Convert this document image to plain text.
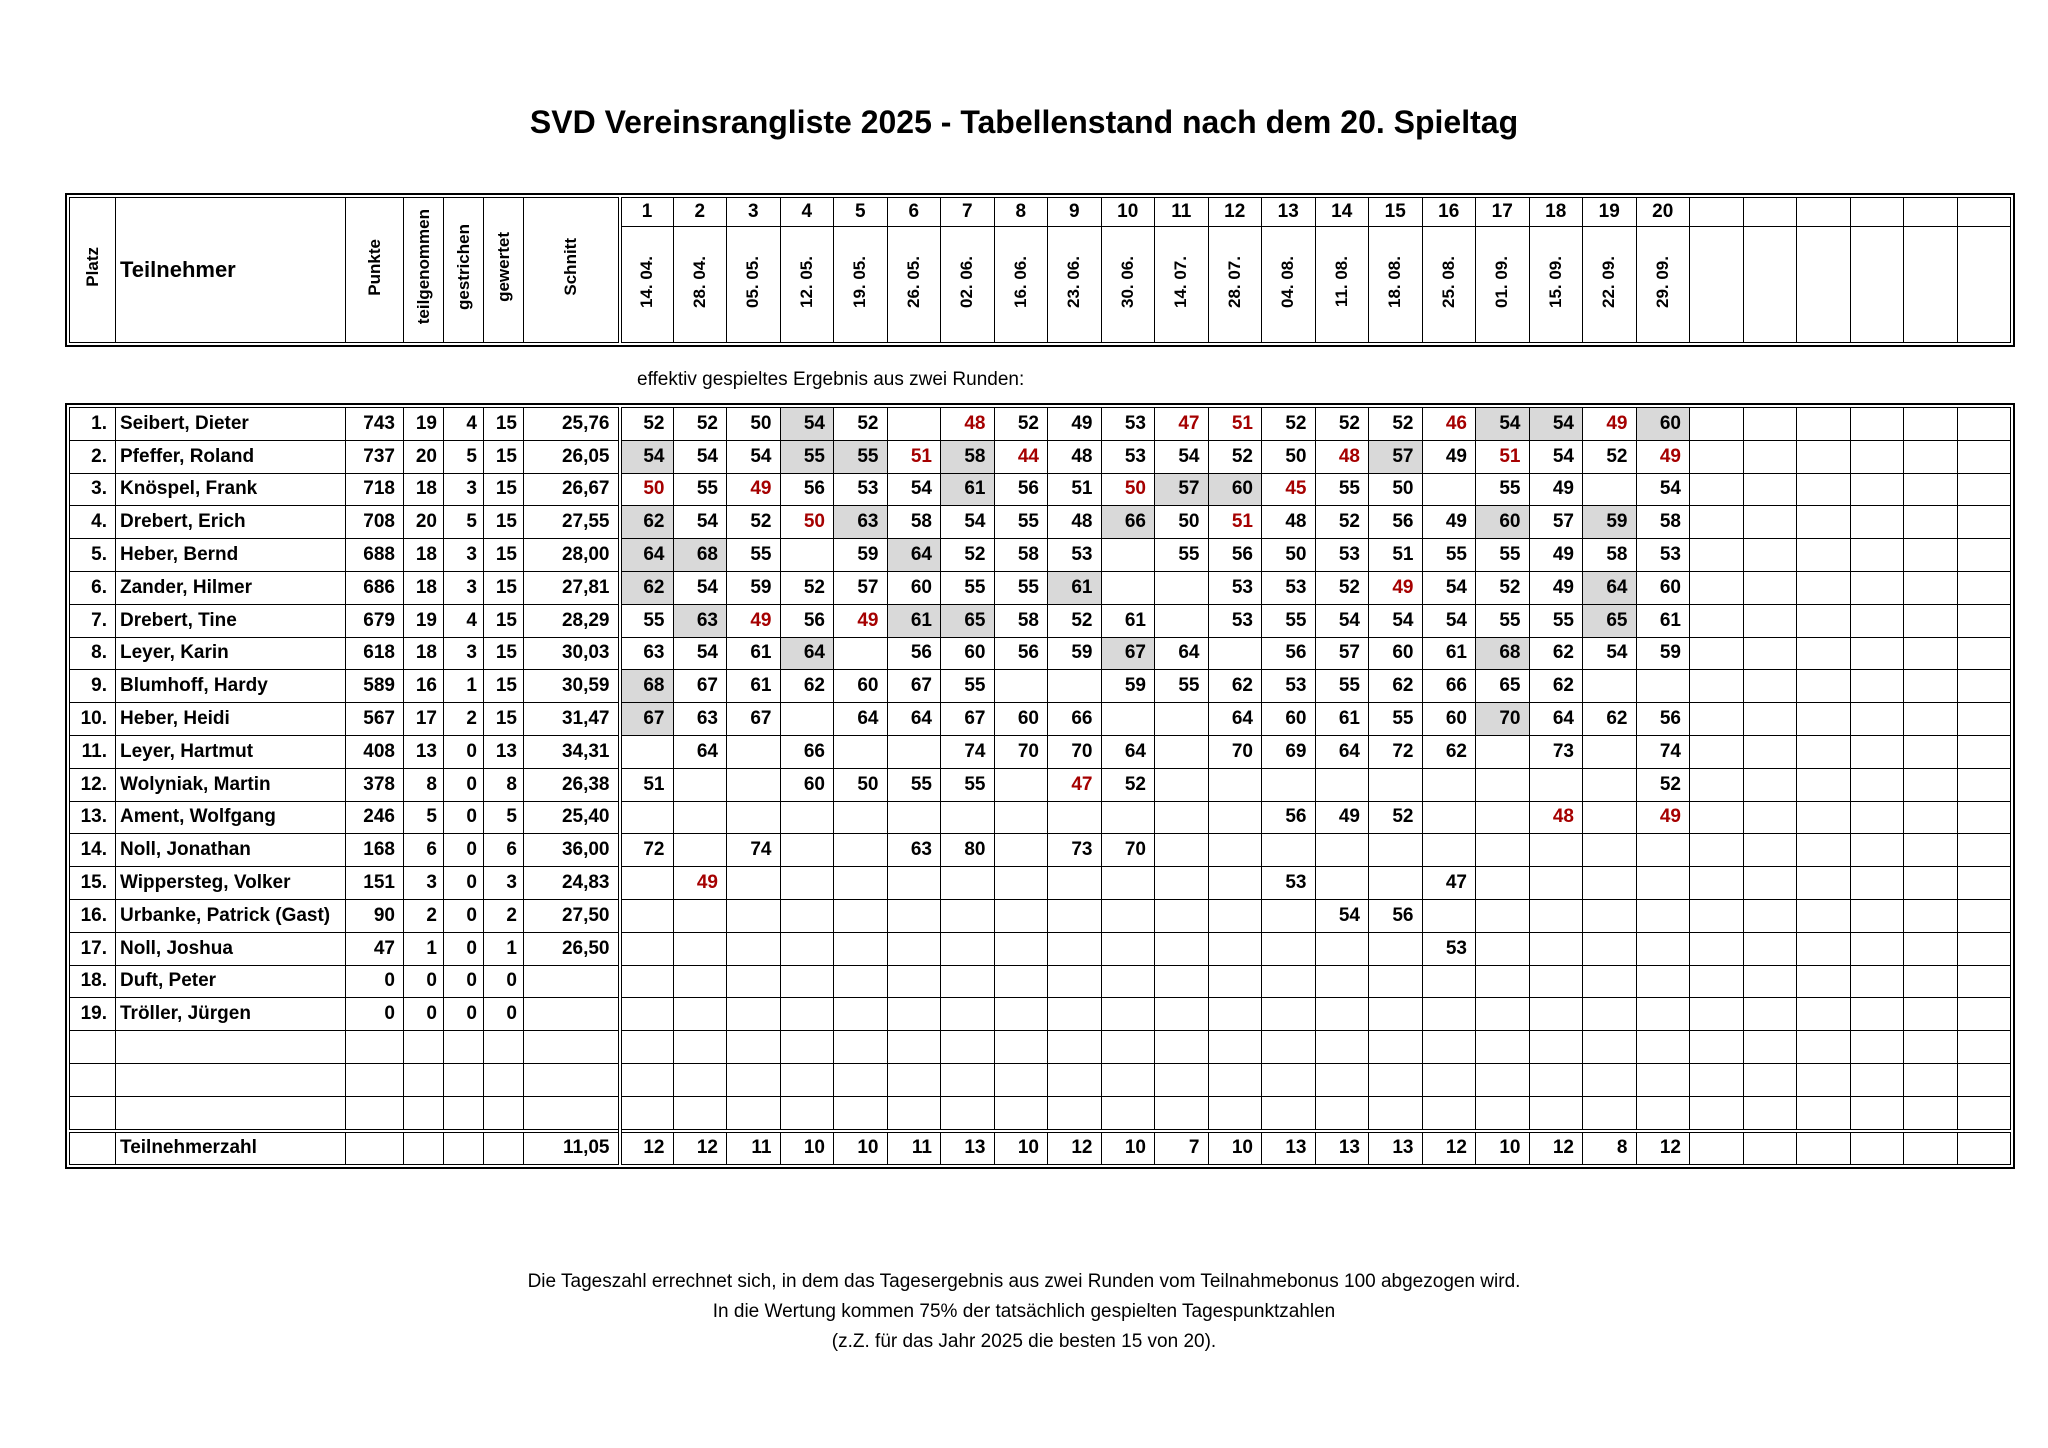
SVD Vereinsrangliste 2025 - Tabellenstand nach dem 20. Spieltag
Platz	Teilnehmer	Punkte	teilgenommen	gestrichen	gewertet	Schnitt	1	2	3	4	5	6	7	8	9	10	11	12	13	14	15	16	17	18	19	20						
							14. 04.	28. 04.	05. 05.	12. 05.	19. 05.	26. 05.	02. 06.	16. 06.	23. 06.	30. 06.	14. 07.	28. 07.	04. 08.	11. 08.	18. 08.	25. 08.	01. 09.	15. 09.	22. 09.	29. 09.						
effektiv gespieltes Ergebnis aus zwei Runden:
1.	Seibert, Dieter	743	19	4	15	25,76	52	52	50	54	52		48	52	49	53	47	51	52	52	52	46	54	54	49	60						
2.	Pfeffer, Roland	737	20	5	15	26,05	54	54	54	55	55	51	58	44	48	53	54	52	50	48	57	49	51	54	52	49						
3.	Knöspel, Frank	718	18	3	15	26,67	50	55	49	56	53	54	61	56	51	50	57	60	45	55	50		55	49		54						
4.	Drebert, Erich	708	20	5	15	27,55	62	54	52	50	63	58	54	55	48	66	50	51	48	52	56	49	60	57	59	58						
5.	Heber, Bernd	688	18	3	15	28,00	64	68	55		59	64	52	58	53		55	56	50	53	51	55	55	49	58	53						
6.	Zander, Hilmer	686	18	3	15	27,81	62	54	59	52	57	60	55	55	61			53	53	52	49	54	52	49	64	60						
7.	Drebert, Tine	679	19	4	15	28,29	55	63	49	56	49	61	65	58	52	61		53	55	54	54	54	55	55	65	61						
8.	Leyer, Karin	618	18	3	15	30,03	63	54	61	64		56	60	56	59	67	64		56	57	60	61	68	62	54	59						
9.	Blumhoff, Hardy	589	16	1	15	30,59	68	67	61	62	60	67	55			59	55	62	53	55	62	66	65	62								
10.	Heber, Heidi	567	17	2	15	31,47	67	63	67		64	64	67	60	66			64	60	61	55	60	70	64	62	56						
11.	Leyer, Hartmut	408	13	0	13	34,31		64		66			74	70	70	64		70	69	64	72	62		73		74						
12.	Wolyniak, Martin	378	8	0	8	26,38	51			60	50	55	55		47	52										52						
13.	Ament, Wolfgang	246	5	0	5	25,40													56	49	52			48		49						
14.	Noll, Jonathan	168	6	0	6	36,00	72		74			63	80		73	70																
15.	Wippersteg, Volker	151	3	0	3	24,83		49											53			47										
16.	Urbanke, Patrick (Gast)	90	2	0	2	27,50														54	56											
17.	Noll, Joshua	47	1	0	1	26,50																53										
18.	Duft, Peter	0	0	0	0																											
19.	Tröller, Jürgen	0	0	0	0																											

	Teilnehmerzahl					11,05	12	12	11	10	10	11	13	10	12	10	7	10	13	13	13	12	10	12	8	12						
Die Tageszahl errechnet sich, in dem das Tagesergebnis aus zwei Runden vom Teilnahmebonus 100 abgezogen wird.
In die Wertung kommen 75% der tatsächlich gespielten Tagespunktzahlen
(z.Z. für das Jahr 2025 die besten 15 von 20).
